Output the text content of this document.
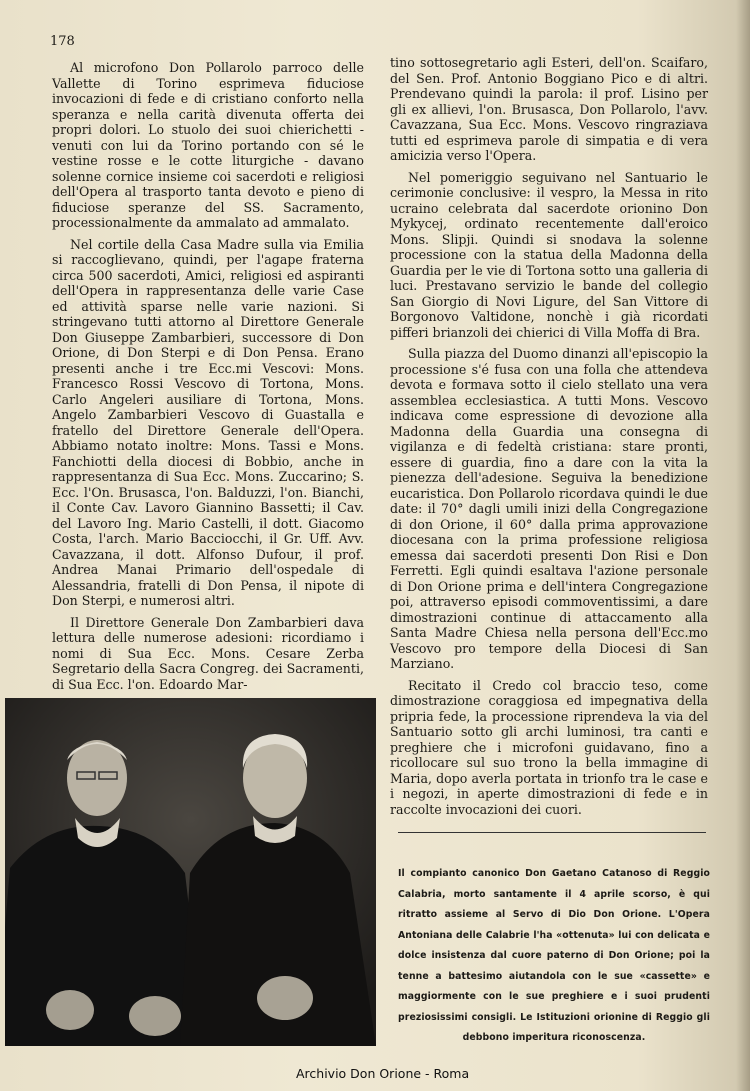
178

Al microfono Don Pollarolo parroco delle Vallette di Torino esprimeva fiduciose invocazioni di fede e di cristiano conforto nella speranza e nella carità divenuta offerta dei propri dolori. Lo stuolo dei suoi chierichetti - venuti con lui da Torino portando con sé le vestine rosse e le cotte liturgiche - davano solenne cornice insieme coi sacerdoti e religiosi dell'Opera al trasporto tanta devoto e pieno di fiduciose speranze del SS. Sacramento, processionalmente da ammalato ad ammalato.

Nel cortile della Casa Madre sulla via Emilia si raccoglievano, quindi, per l'agape fraterna circa 500 sacerdoti, Amici, religiosi ed aspiranti dell'Opera in rappresentanza delle varie Case ed attività sparse nelle varie nazioni. Si stringevano tutti attorno al Direttore Generale Don Giuseppe Zambarbieri, successore di Don Orione, di Don Sterpi e di Don Pensa. Erano presenti anche i tre Ecc.mi Vescovi: Mons. Francesco Rossi Vescovo di Tortona, Mons. Carlo Angeleri ausiliare di Tortona, Mons. Angelo Zambarbieri Vescovo di Guastalla e fratello del Direttore Generale dell'Opera. Abbiamo notato inoltre: Mons. Tassi e Mons. Fanchiotti della diocesi di Bobbio, anche in rappresentanza di Sua Ecc. Mons. Zuccarino; S. Ecc. l'On. Brusasca, l'on. Balduzzi, l'on. Bianchi, il Conte Cav. Lavoro Giannino Bassetti; il Cav. del Lavoro Ing. Mario Castelli, il dott. Giacomo Costa, l'arch. Mario Bacciocchi, il Gr. Uff. Avv. Cavazzana, il dott. Alfonso Dufour, il prof. Andrea Manai Primario dell'ospedale di Alessandria, fratelli di Don Pensa, il nipote di Don Sterpi, e numerosi altri.

Il Direttore Generale Don Zambarbieri dava lettura delle numerose adesioni: ricordiamo i nomi di Sua Ecc. Mons. Cesare Zerba Segretario della Sacra Congreg. dei Sacramenti, di Sua Ecc. l'on. Edoardo Mar-

tino sottosegretario agli Esteri, dell'on. Scaifaro, del Sen. Prof. Antonio Boggiano Pico e di altri. Prendevano quindi la parola: il prof. Lisino per gli ex allievi, l'on. Brusasca, Don Pollarolo, l'avv. Cavazzana, Sua Ecc. Mons. Vescovo ringraziava tutti ed esprimeva parole di simpatia e di vera amicizia verso l'Opera.

Nel pomeriggio seguivano nel Santuario le cerimonie conclusive: il vespro, la Messa in rito ucraino celebrata dal sacerdote orionino Don Mykycej, ordinato recentemente dall'eroico Mons. Slipji. Quindi si snodava la solenne processione con la statua della Madonna della Guardia per le vie di Tortona sotto una galleria di luci. Prestavano servizio le bande del collegio San Giorgio di Novi Ligure, del San Vittore di Borgonovo Valtidone, nonchè i già ricordati pifferi brianzoli dei chierici di Villa Moffa di Bra.

Sulla piazza del Duomo dinanzi all'episcopio la processione s'é fusa con una folla che attendeva devota e formava sotto il cielo stellato una vera assemblea ecclesiastica. A tutti Mons. Vescovo indicava come espressione di devozione alla Madonna della Guardia una consegna di vigilanza e di fedeltà cristiana: stare pronti, essere di guardia, fino a dare con la vita la pienezza dell'adesione. Seguiva la benedizione eucaristica. Don Pollarolo ricordava quindi le due date: il 70° dagli umili inizi della Congregazione di don Orione, il 60° dalla prima approvazione diocesana con la prima professione religiosa emessa dai sacerdoti presenti Don Risi e Don Ferretti. Egli quindi esaltava l'azione personale di Don Orione prima e dell'intera Congregazione poi, attraverso episodi commoventissimi, a dare dimostrazioni continue di attaccamento alla Santa Madre Chiesa nella persona dell'Ecc.mo Vescovo pro tempore della Diocesi di San Marziano.

Recitato il Credo col braccio teso, come dimostrazione coraggiosa ed impegnativa della pripria fede, la processione riprendeva la via del Santuario sotto gli archi luminosi, tra canti e preghiere che i microfoni guidavano, fino a ricollocare sul suo trono la bella immagine di Maria, dopo averla portata in trionfo tra le case e i negozi, in aperte dimostrazioni di fede e in raccolte invocazioni dei cuori.

Il compianto canonico Don Gaetano Catanoso di Reggio Calabria, morto santamente il 4 aprile scorso, è qui ritratto assieme al Servo di Dio Don Orione. L'Opera Antoniana delle Calabrie l'ha «ottenuta» lui con delicata e dolce insistenza dal cuore paterno di Don Orione; poi la tenne a battesimo aiutandola con le sue «cassette» e maggiormente con le sue preghiere e i suoi prudenti preziosissimi consigli. Le Istituzioni orionine di Reggio gli debbono imperitura riconoscenza.
Archivio Don Orione - Roma
